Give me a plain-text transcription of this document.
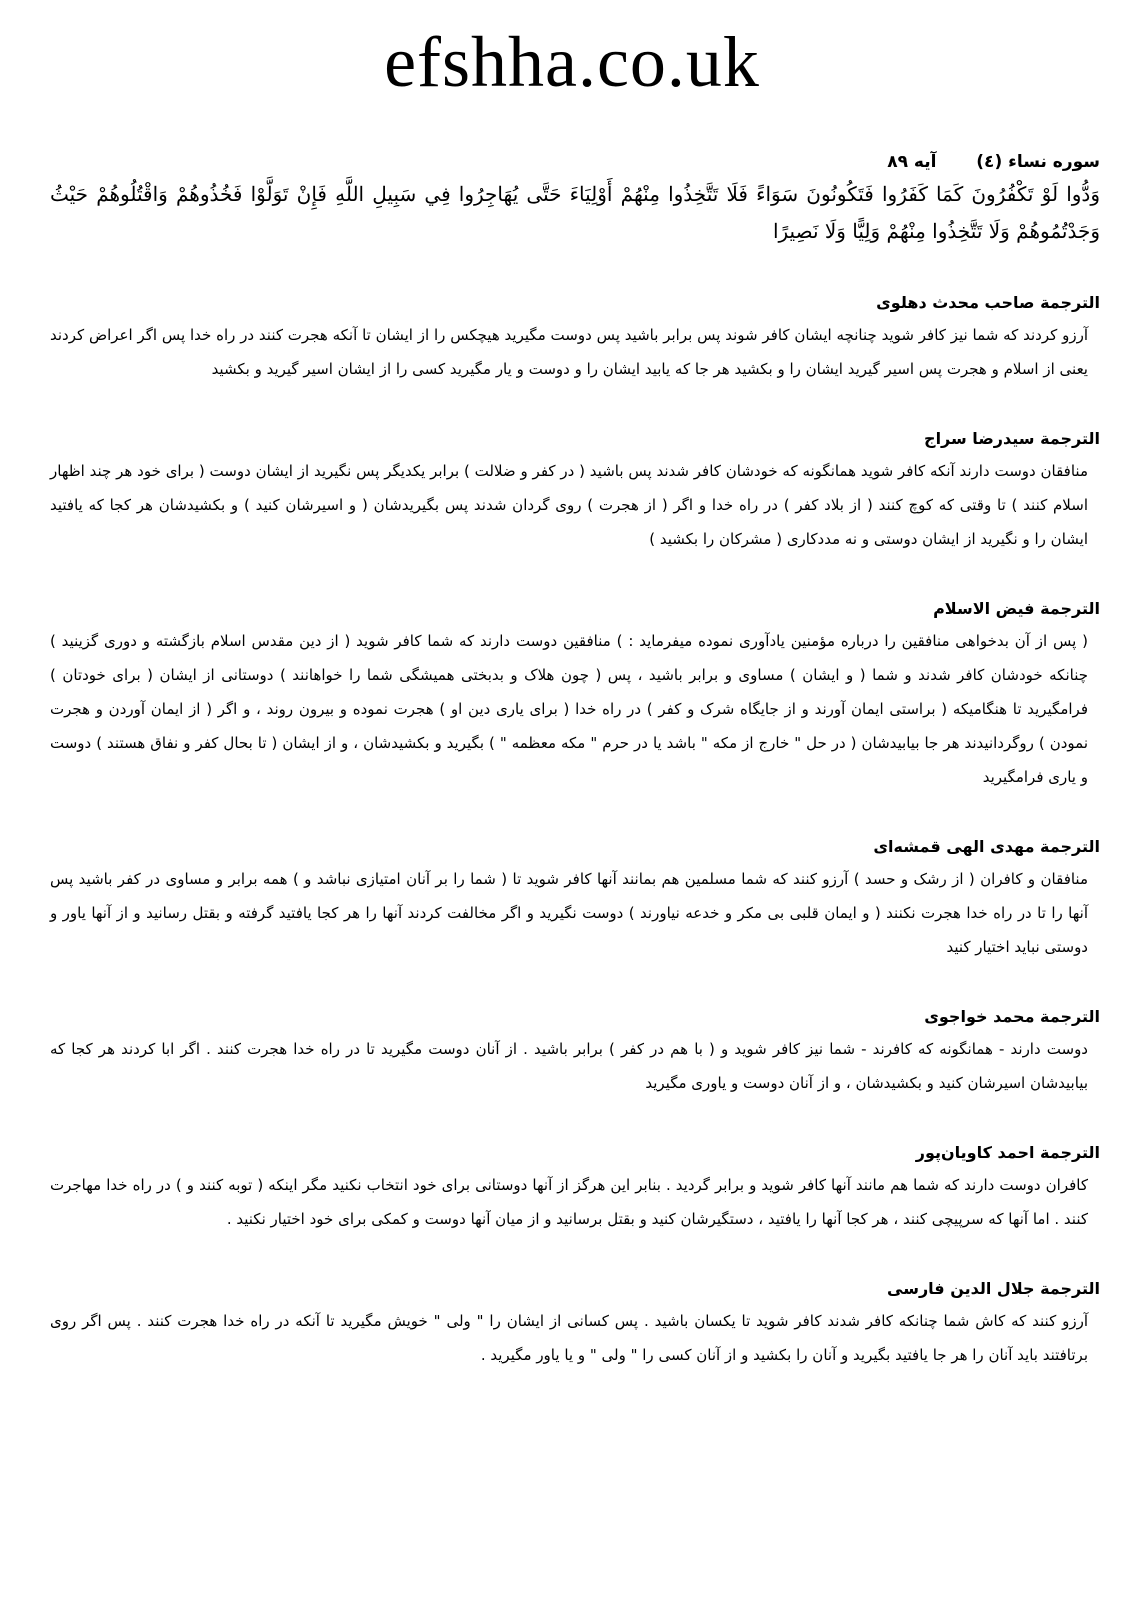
efshha.co.uk
سوره نساء (٤)  آیه ٨٩
وَدُّوا لَوْ تَكْفُرُونَ كَمَا كَفَرُوا فَتَكُونُونَ سَوَاءً فَلَا تَتَّخِذُوا مِنْهُمْ أَوْلِيَاءَ حَتَّى يُهَاجِرُوا فِي سَبِيلِ اللَّهِ فَإِنْ تَوَلَّوْا فَخُذُوهُمْ وَاقْتُلُوهُمْ حَيْثُ وَجَدْتُمُوهُمْ وَلَا تَتَّخِذُوا مِنْهُمْ وَلِيًّا وَلَا نَصِيرًا
الترجمة صاحب محدث دهلوى
آرزو کردند که شما نیز کافر شوید چنانچه ایشان کافر شوند پس برابر باشید پس دوست مگیرید هیچکس را از ایشان تا آنکه هجرت کنند در راه خدا پس اگر اعراض کردند یعنی از اسلام و هجرت پس اسیر گیرید ایشان را و بکشید هر جا که یابید ایشان را و دوست و یار مگیرید کسی را از ایشان اسیر گیرید و بکشید
الترجمة سیدرضا سراج
منافقان دوست دارند آنکه کافر شوید همانگونه که خودشان کافر شدند پس باشید ( در کفر و ضلالت ) برابر یکدیگر پس نگیرید از ایشان دوست ( برای خود هر چند اظهار اسلام کنند ) تا وقتی که کوچ کنند ( از بلاد کفر ) در راه خدا و اگر ( از هجرت ) روی گردان شدند پس بگیریدشان ( و اسیرشان کنید ) و بکشیدشان هر کجا که یافتید ایشان را و نگیرید از ایشان دوستی و نه مددکاری ( مشرکان را بکشید )
الترجمة فیض الاسلام
( پس از آن بدخواهی منافقین را درباره مؤمنین یادآوری نموده میفرماید : ) منافقین دوست دارند که شما کافر شوید ( از دین مقدس اسلام بازگشته و دوری گزینید ) چنانکه خودشان کافر شدند و شما ( و ایشان ) مساوی و برابر باشید ، پس ( چون هلاک و بدبختی همیشگی شما را خواهانند ) دوستانی از ایشان ( برای خودتان ) فرامگیرید تا هنگامیکه ( براستی ایمان آورند و از جایگاه شرک و کفر ) در راه خدا ( برای یاری دین او ) هجرت نموده و بیرون روند ، و اگر ( از ایمان آوردن و هجرت نمودن ) روگردانیدند هر جا بیابیدشان ( در حل " خارج از مکه " باشد یا در حرم " مکه معظمه " ) بگیرید و بکشیدشان ، و از ایشان ( تا بحال کفر و نفاق هستند ) دوست و یاری فرامگیرید
الترجمة مهدی الهی قمشه‌ای
منافقان و کافران ( از رشک و حسد ) آرزو کنند که شما مسلمین هم بمانند آنها کافر شوید تا ( شما را بر آنان امتیازی نباشد و ) همه برابر و مساوی در کفر باشید پس آنها را تا در راه خدا هجرت نکنند ( و ایمان قلبی بی مکر و خدعه نیاورند ) دوست نگیرید و اگر مخالفت کردند آنها را هر کجا یافتید گرفته و بقتل رسانید و از آنها یاور و دوستی نباید اختیار کنید
الترجمة محمد خواجوی
دوست دارند - همانگونه که کافرند - شما نیز کافر شوید و ( با هم در کفر ) برابر باشید . از آنان دوست مگیرید تا در راه خدا هجرت کنند . اگر ابا کردند هر کجا که بیابیدشان اسیرشان کنید و بکشیدشان ، و از آنان دوست و یاوری مگیرید
الترجمة احمد کاویان‌پور
کافران دوست دارند که شما هم مانند آنها کافر شوید و برابر گردید . بنابر این هرگز از آنها دوستانی برای خود انتخاب نکنید مگر اینکه ( توبه کنند و ) در راه خدا مهاجرت کنند . اما آنها که سرپیچی کنند ، هر کجا آنها را یافتید ، دستگیرشان کنید و بقتل برسانید و از میان آنها دوست و کمکی برای خود اختیار نکنید .
الترجمة جلال الدين فارسی
آرزو کنند که کاش شما چنانکه کافر شدند کافر شوید تا یکسان باشید . پس کسانی از ایشان را " ولی " خویش مگیرید تا آنکه در راه خدا هجرت کنند . پس اگر روی برتافتند باید آنان را هر جا یافتید بگیرید و آنان را بکشید و از آنان کسی را " ولی " و یا یاور مگیرید .
